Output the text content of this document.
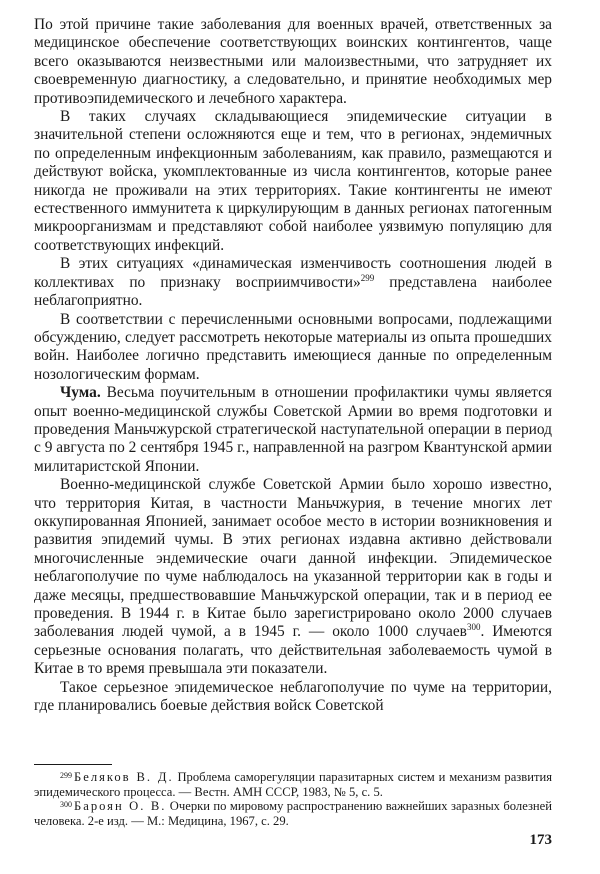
По этой причине такие заболевания для военных врачей, ответственных за медицинское обеспечение соответствующих воинских контингентов, чаще всего оказываются неизвестными или малоизвестными, что затрудняет их своевременную диагностику, а следовательно, и принятие необходимых мер противоэпидемического и лечебного характера.

В таких случаях складывающиеся эпидемические ситуации в значительной степени осложняются еще и тем, что в регионах, эндемичных по определенным инфекционным заболеваниям, как правило, размещаются и действуют войска, укомплектованные из числа контингентов, которые ранее никогда не проживали на этих территориях. Такие контингенты не имеют естественного иммунитета к циркулирующим в данных регионах патогенным микроорганизмам и представляют собой наиболее уязвимую популяцию для соответствующих инфекций.

В этих ситуациях «динамическая изменчивость соотношения людей в коллективах по признаку восприимчивости»$^{299}$ представлена наиболее неблагоприятно.

В соответствии с перечисленными основными вопросами, подлежащими обсуждению, следует рассмотреть некоторые материалы из опыта прошедших войн. Наиболее логично представить имеющиеся данные по определенным нозологическим формам.

Чума. Весьма поучительным в отношении профилактики чумы является опыт военно-медицинской службы Советской Армии во время подготовки и проведения Маньчжурской стратегической наступательной операции в период с 9 августа по 2 сентября 1945 г., направленной на разгром Квантунской армии милитаристской Японии.

Военно-медицинской службе Советской Армии было хорошо известно, что территория Китая, в частности Маньчжурия, в течение многих лет оккупированная Японией, занимает особое место в истории возникновения и развития эпидемий чумы. В этих регионах издавна активно действовали многочисленные эндемические очаги данной инфекции. Эпидемическое неблагополучие по чуме наблюдалось на указанной территории как в годы и даже месяцы, предшествовавшие Маньчжурской операции, так и в период ее проведения. В 1944 г. в Китае было зарегистрировано около 2000 случаев заболевания людей чумой, а в 1945 г. — около 1000 случаев$^{300}$. Имеются серьезные основания полагать, что действительная заболеваемость чумой в Китае в то время превышала эти показатели.

Такое серьезное эпидемическое неблагополучие по чуме на территории, где планировались боевые действия войск Советской

$^{299}$ Беляков В. Д. Проблема саморегуляции паразитарных систем и механизм развития эпидемического процесса. — Вестн. АМН СССР, 1983, № 5, с. 5.

$^{300}$ Бароян О. В. Очерки по мировому распространению важнейших заразных болезней человека. 2-е изд. — М.: Медицина, 1967, с. 29.

173
